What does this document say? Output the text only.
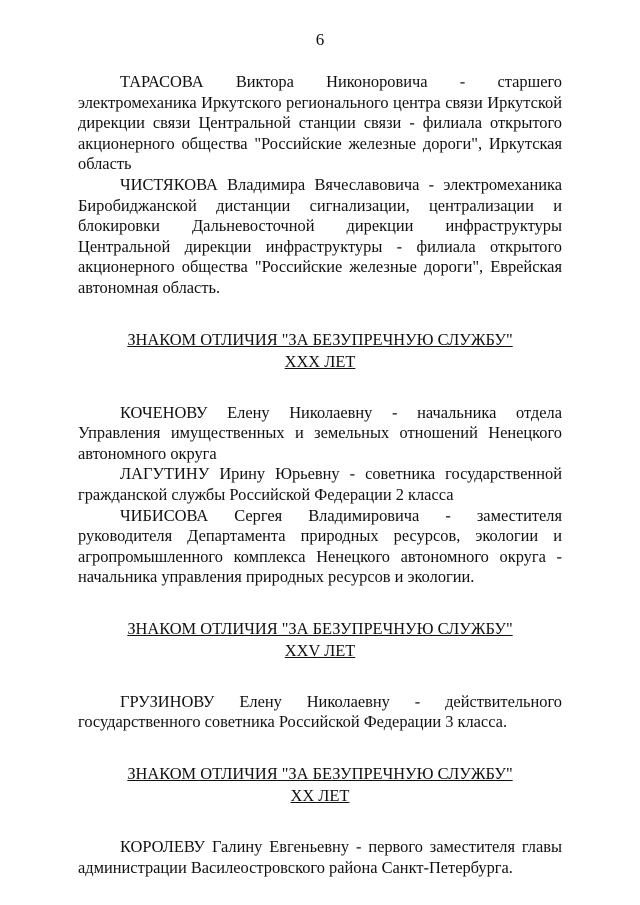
6

ТАРАСОВА Виктора Никоноровича - старшего электромеханика Иркутского регионального центра связи Иркутской дирекции связи Центральной станции связи - филиала открытого акционерного общества "Российские железные дороги", Иркутская область

ЧИСТЯКОВА Владимира Вячеславовича - электромеханика Биробиджанской дистанции сигнализации, централизации и блокировки Дальневосточной дирекции инфраструктуры Центральной дирекции инфраструктуры - филиала открытого акционерного общества "Российские железные дороги", Еврейская автономная область.

ЗНАКОМ ОТЛИЧИЯ "ЗА БЕЗУПРЕЧНУЮ СЛУЖБУ"
XXX ЛЕТ

КОЧЕНОВУ Елену Николаевну - начальника отдела Управления имущественных и земельных отношений Ненецкого автономного округа

ЛАГУТИНУ Ирину Юрьевну - советника государственной гражданской службы Российской Федерации 2 класса

ЧИБИСОВА Сергея Владимировича - заместителя руководителя Департамента природных ресурсов, экологии и агропромышленного комплекса Ненецкого автономного округа - начальника управления природных ресурсов и экологии.

ЗНАКОМ ОТЛИЧИЯ "ЗА БЕЗУПРЕЧНУЮ СЛУЖБУ"
XXV ЛЕТ

ГРУЗИНОВУ Елену Николаевну - действительного государственного советника Российской Федерации 3 класса.

ЗНАКОМ ОТЛИЧИЯ "ЗА БЕЗУПРЕЧНУЮ СЛУЖБУ"
XX ЛЕТ

КОРОЛЕВУ Галину Евгеньевну - первого заместителя главы администрации Василеостровского района Санкт-Петербурга.
